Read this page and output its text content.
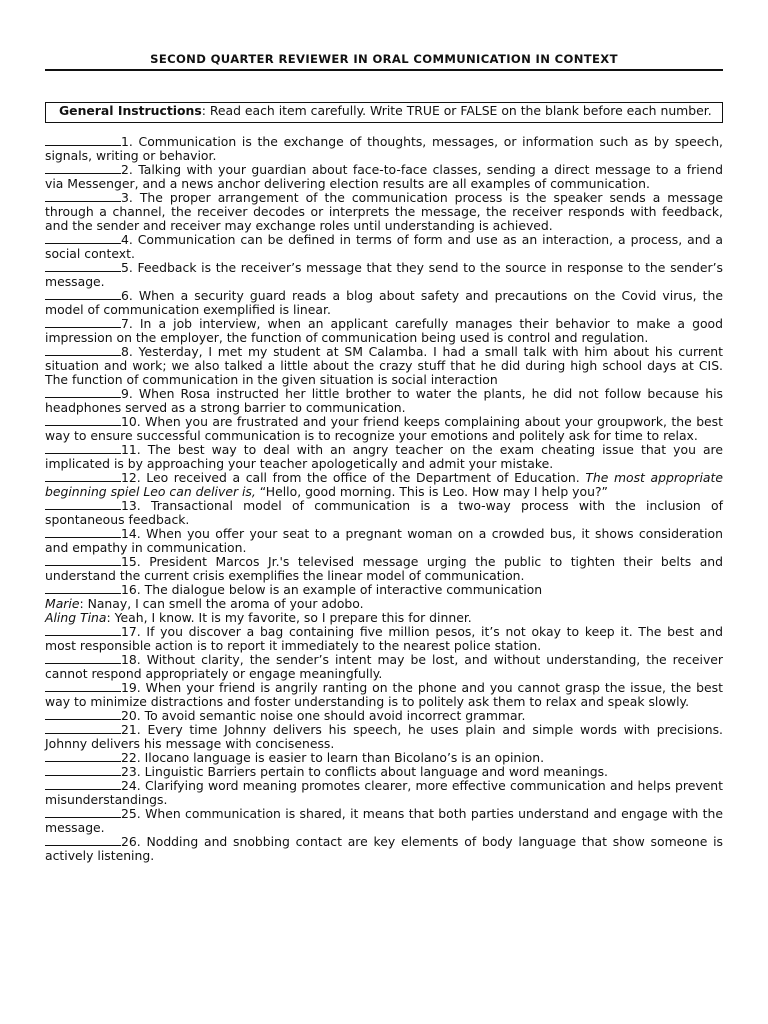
SECOND QUARTER REVIEWER IN ORAL COMMUNICATION IN CONTEXT
General Instructions: Read each item carefully. Write TRUE or FALSE on the blank before each number.

1. Communication is the exchange of thoughts, messages, or information such as by speech, signals, writing or behavior.

2. Talking with your guardian about face-to-face classes, sending a direct message to a friend via Messenger, and a news anchor delivering election results are all examples of communication.

3. The proper arrangement of the communication process is the speaker sends a message through a channel, the receiver decodes or interprets the message, the receiver responds with feedback, and the sender and receiver may exchange roles until understanding is achieved.

4. Communication can be defined in terms of form and use as an interaction, a process, and a social context.

5. Feedback is the receiver’s message that they send to the source in response to the sender’s message.

6. When a security guard reads a blog about safety and precautions on the Covid virus, the model of communication exemplified is linear.

7. In a job interview, when an applicant carefully manages their behavior to make a good impression on the employer, the function of communication being used is control and regulation.

8. Yesterday, I met my student at SM Calamba. I had a small talk with him about his current situation and work; we also talked a little about the crazy stuff that he did during high school days at CIS. The function of communication in the given situation is social interaction

9. When Rosa instructed her little brother to water the plants, he did not follow because his headphones served as a strong barrier to communication.

10. When you are frustrated and your friend keeps complaining about your groupwork, the best way to ensure successful communication is to recognize your emotions and politely ask for time to relax.

11. The best way to deal with an angry teacher on the exam cheating issue that you are implicated is by approaching your teacher apologetically and admit your mistake.

12. Leo received a call from the office of the Department of Education. The most appropriate beginning spiel Leo can deliver is, “Hello, good morning. This is Leo. How may I help you?”

13. Transactional model of communication is a two-way process with the inclusion of spontaneous feedback.

14. When you offer your seat to a pregnant woman on a crowded bus, it shows consideration and empathy in communication.

15. President Marcos Jr.'s televised message urging the public to tighten their belts and understand the current crisis exemplifies the linear model of communication.

16. The dialogue below is an example of interactive communication

Marie: Nanay, I can smell the aroma of your adobo.

Aling Tina: Yeah, I know. It is my favorite, so I prepare this for dinner.

17. If you discover a bag containing five million pesos, it’s not okay to keep it. The best and most responsible action is to report it immediately to the nearest police station.

18. Without clarity, the sender’s intent may be lost, and without understanding, the receiver cannot respond appropriately or engage meaningfully.

19. When your friend is angrily ranting on the phone and you cannot grasp the issue, the best way to minimize distractions and foster understanding is to politely ask them to relax and speak slowly.

20. To avoid semantic noise one should avoid incorrect grammar.

21. Every time Johnny delivers his speech, he uses plain and simple words with precisions. Johnny delivers his message with conciseness.

22. Ilocano language is easier to learn than Bicolano’s is an opinion.

23. Linguistic Barriers pertain to conflicts about language and word meanings.

24. Clarifying word meaning promotes clearer, more effective communication and helps prevent misunderstandings.

25. When communication is shared, it means that both parties understand and engage with the message.

26. Nodding and snobbing contact are key elements of body language that show someone is actively listening.
